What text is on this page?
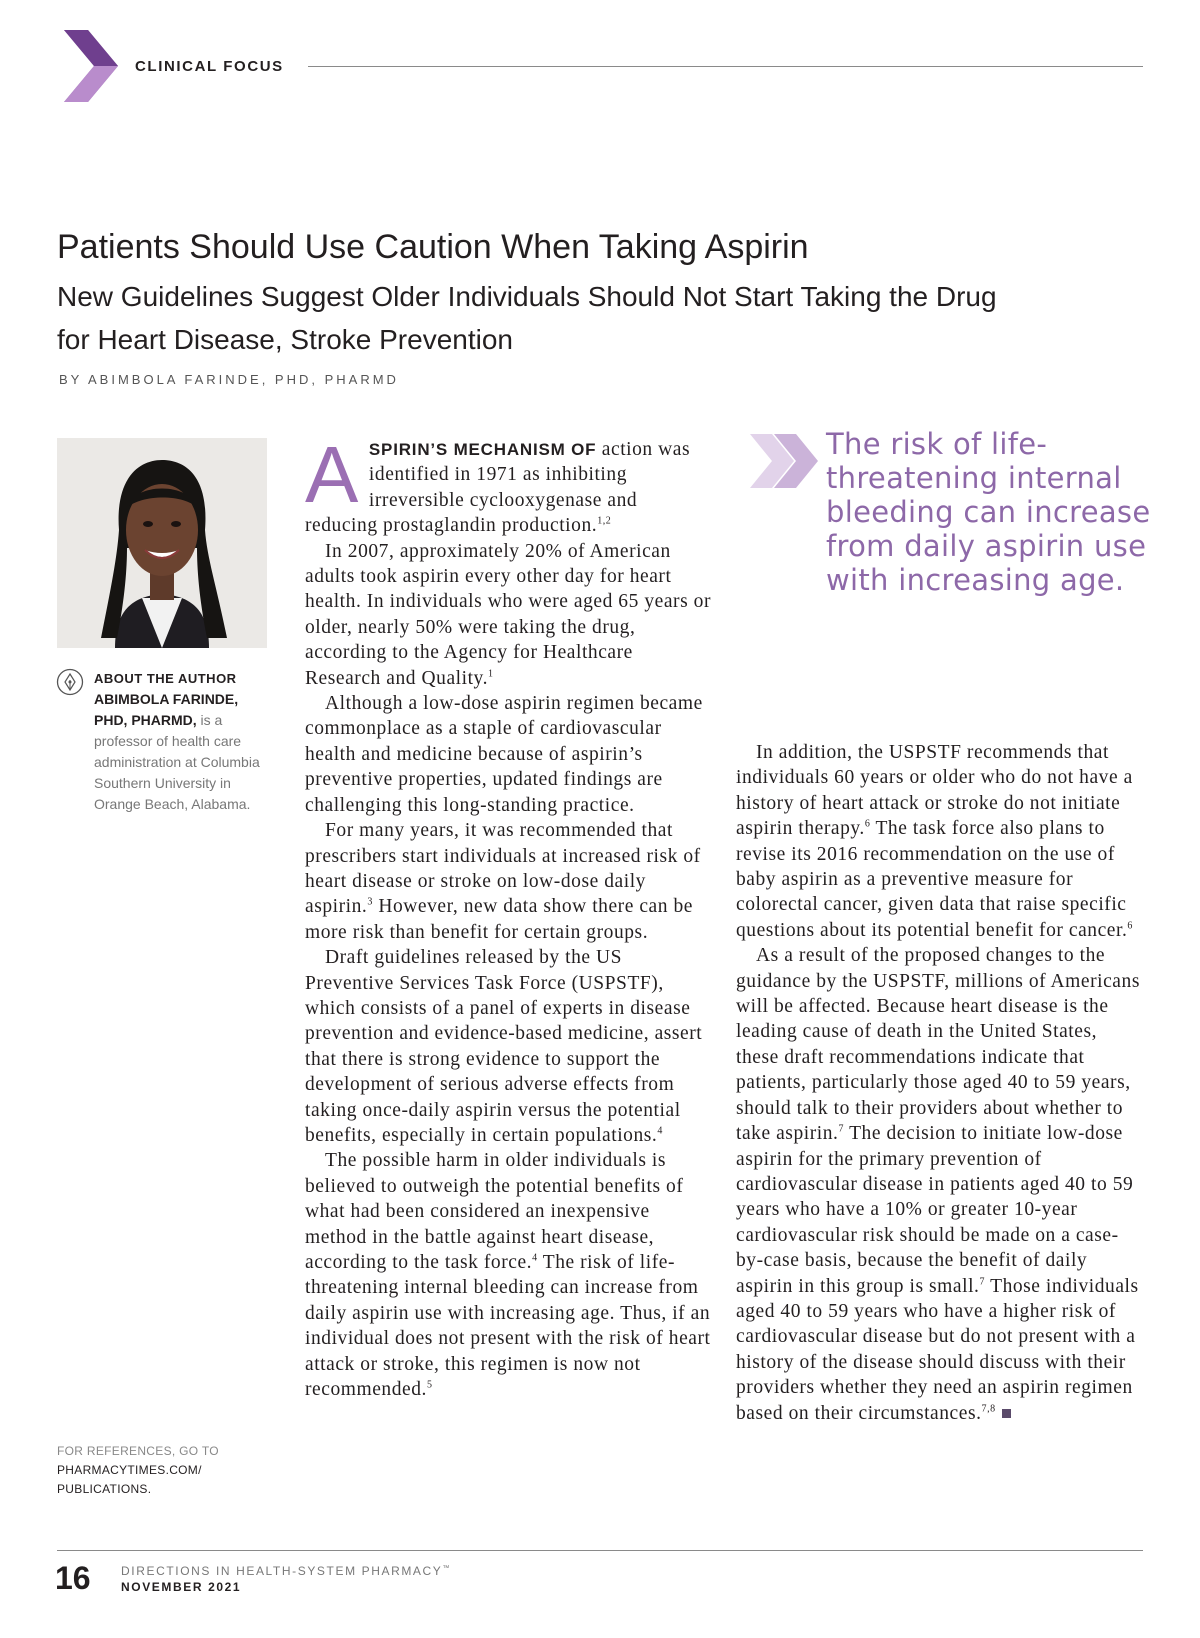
CLINICAL FOCUS
Patients Should Use Caution When Taking Aspirin
New Guidelines Suggest Older Individuals Should Not Start Taking the Drug for Heart Disease, Stroke Prevention
BY ABIMBOLA FARINDE, PHD, PHARMD
ABOUT THE AUTHOR
ABIMBOLA FARINDE, PHD, PHARMD, is a professor of health care administration at Columbia Southern University in Orange Beach, Alabama.
FOR REFERENCES, GO TO
PHARMACYTIMES.COM/ PUBLICATIONS.

ASPIRIN’S MECHANISM OF action was identified in 1971 as inhibiting irreversible cyclooxygenase and reducing prostaglandin production.$^{1,2}$

In 2007, approximately 20% of American adults took aspirin every other day for heart health. In individuals who were aged 65 years or older, nearly 50% were taking the drug, according to the Agency for Healthcare Research and Quality.$^1$

Although a low-dose aspirin regimen became commonplace as a staple of cardiovascular health and medicine because of aspirin’s preventive properties, updated findings are challenging this long-standing practice.

For many years, it was recommended that prescribers start individuals at increased risk of heart disease or stroke on low-dose daily aspirin.$^3$ However, new data show there can be more risk than benefit for certain groups.

Draft guidelines released by the US Preventive Services Task Force (USPSTF), which consists of a panel of experts in disease prevention and evidence-based medicine, assert that there is strong evidence to support the development of serious adverse effects from taking once-daily aspirin versus the potential benefits, especially in certain populations.$^4$

The possible harm in older individuals is believed to outweigh the potential benefits of what had been considered an inexpensive method in the battle against heart disease, according to the task force.$^4$ The risk of life-threatening internal bleeding can increase from daily aspirin use with increasing age. Thus, if an individual does not present with the risk of heart attack or stroke, this regimen is now not recommended.$^5$

The risk of life-threatening internal bleeding can increase from daily aspirin use with increasing age.

In addition, the USPSTF recommends that individuals 60 years or older who do not have a history of heart attack or stroke do not initiate aspirin therapy.$^6$ The task force also plans to revise its 2016 recommendation on the use of baby aspirin as a preventive measure for colorectal cancer, given data that raise specific questions about its potential benefit for cancer.$^6$

As a result of the proposed changes to the guidance by the USPSTF, millions of Americans will be affected. Because heart disease is the leading cause of death in the United States, these draft recommendations indicate that patients, particularly those aged 40 to 59 years, should talk to their providers about whether to take aspirin.$^7$ The decision to initiate low-dose aspirin for the primary prevention of cardiovascular disease in patients aged 40 to 59 years who have a 10% or greater 10-year cardiovascular risk should be made on a case-by-case basis, because the benefit of daily aspirin in this group is small.$^7$ Those individuals aged 40 to 59 years who have a higher risk of cardiovascular disease but do not present with a history of the disease should discuss with their providers whether they need an aspirin regimen based on their circumstances.$^{7,8}$

16	DIRECTIONS IN HEALTH-SYSTEM PHARMACY™
NOVEMBER 2021
